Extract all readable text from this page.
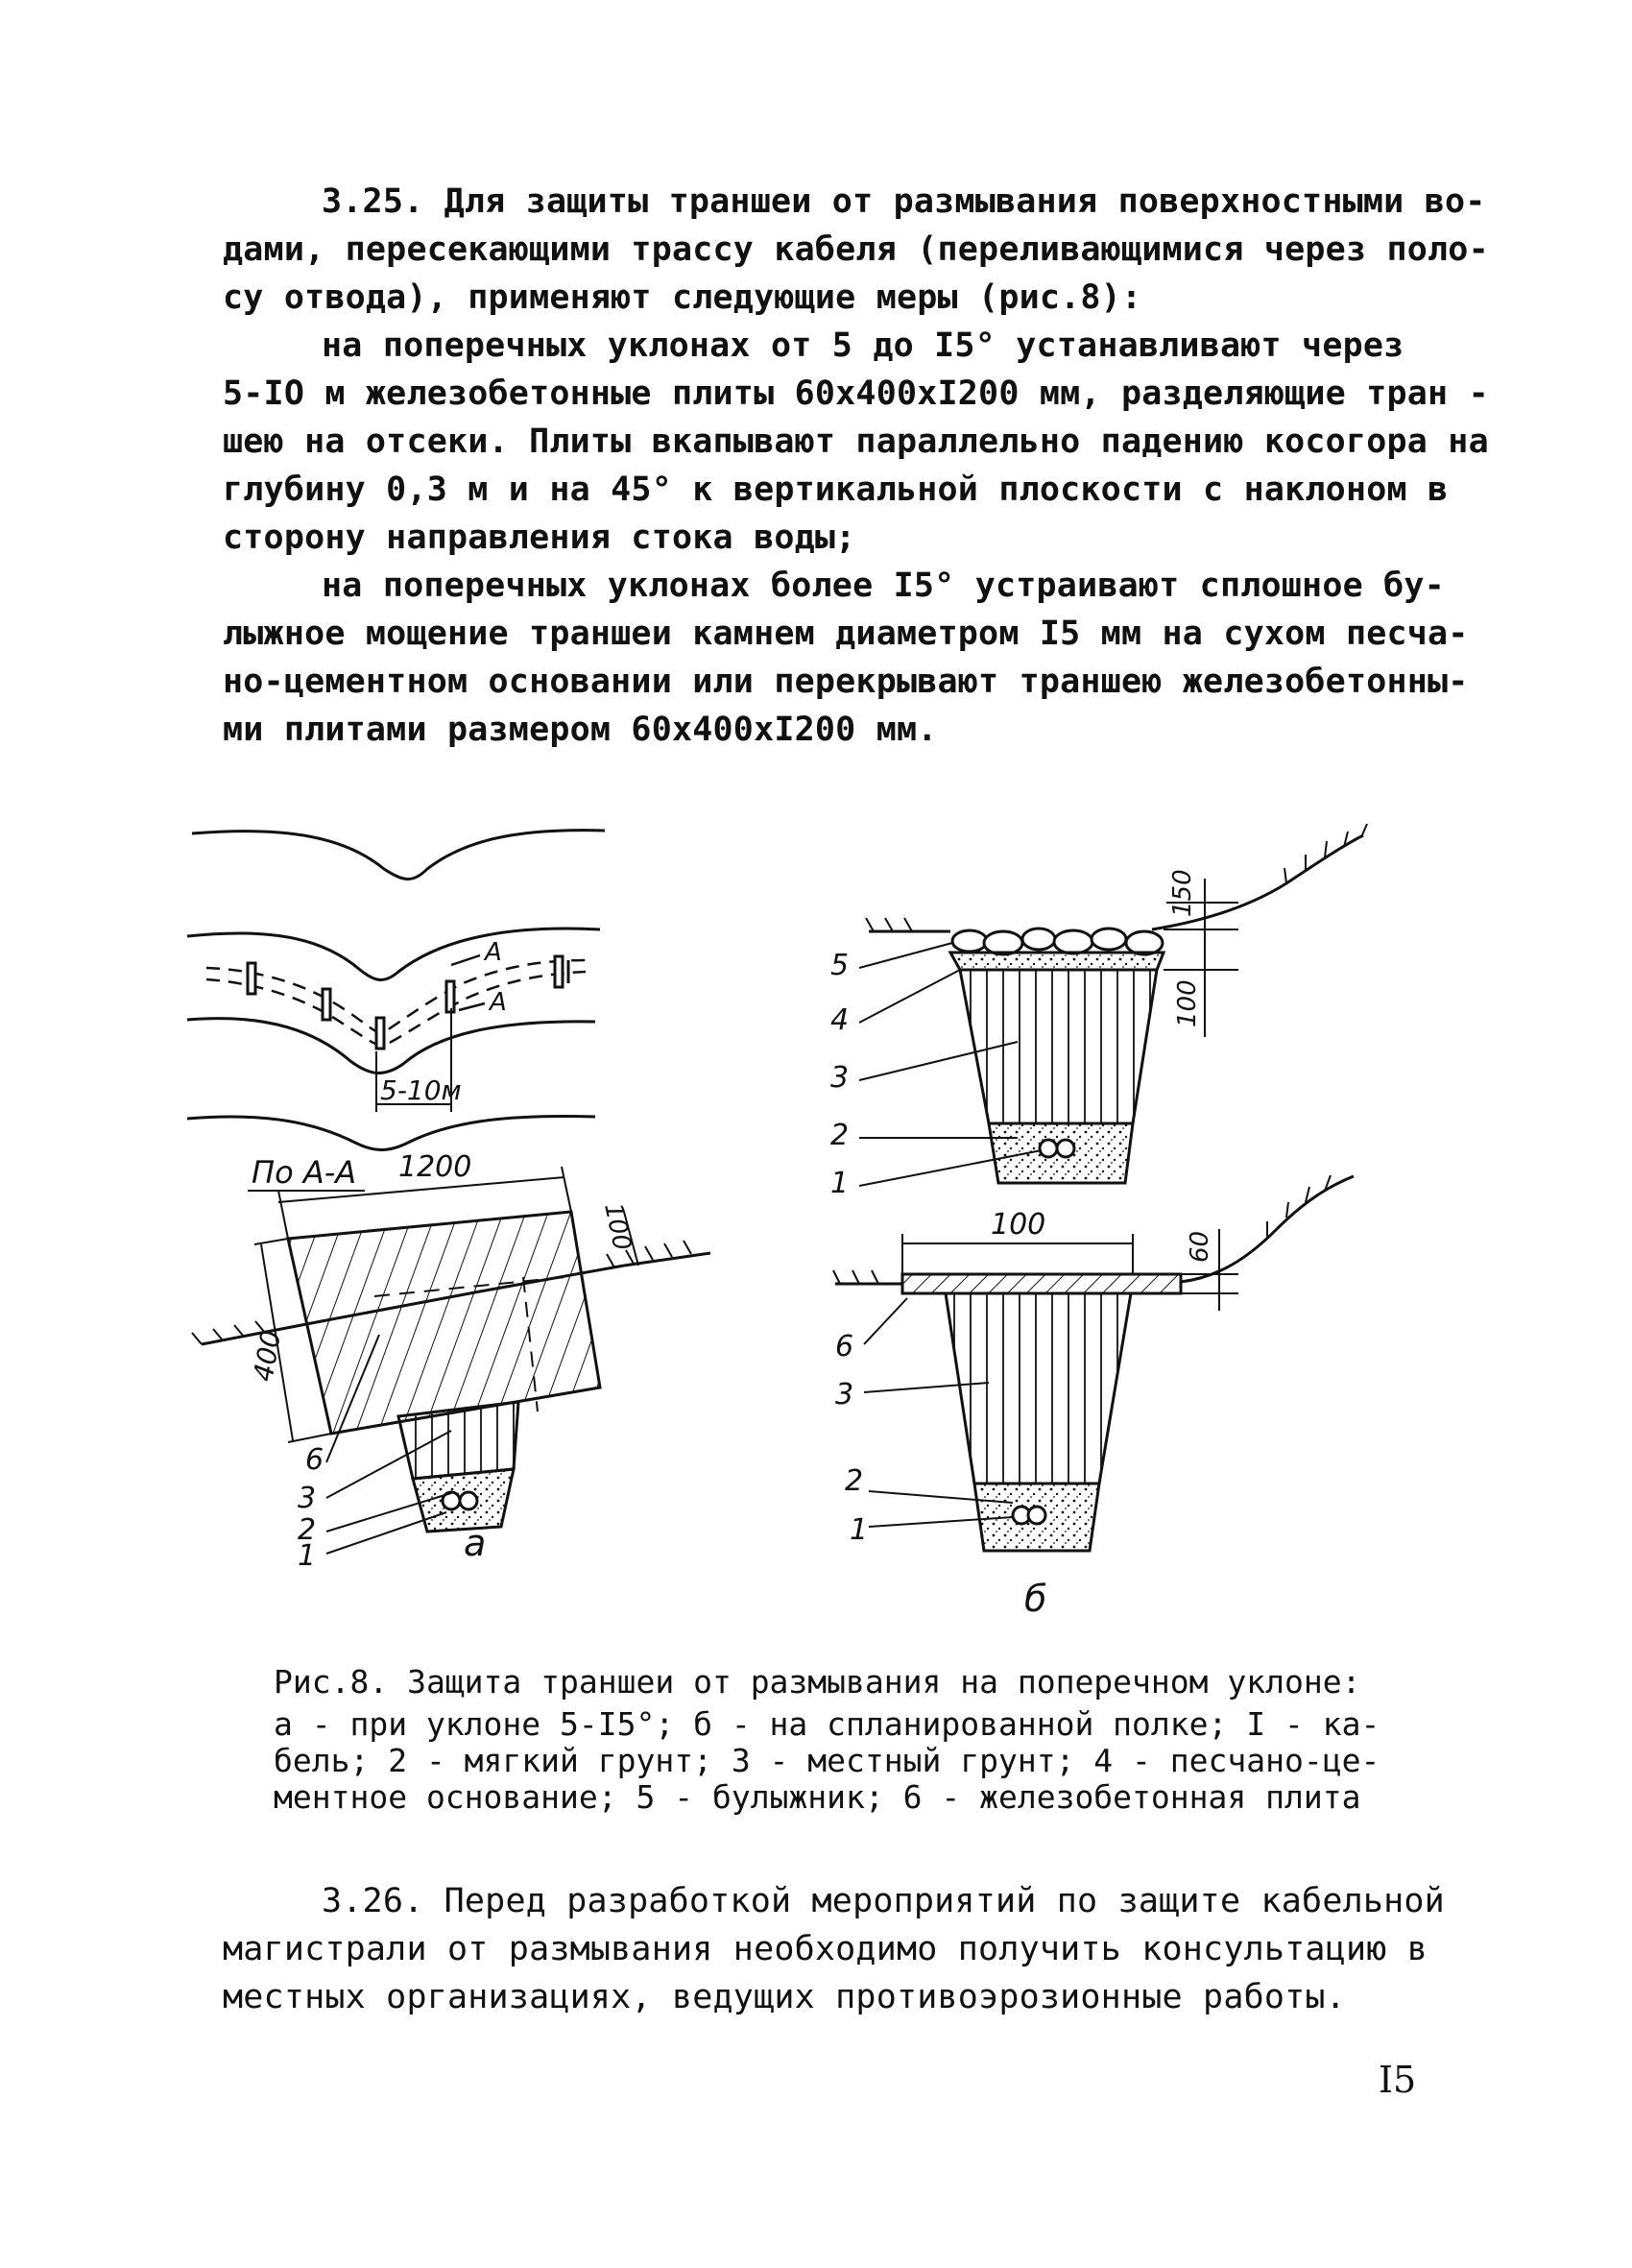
3.25. Для защиты траншеи от размывания поверхностными во-

дами, пересекающими трассу кабеля (переливающимися через поло-

су отвода), применяют следующие меры (рис.8):

на поперечных уклонах от 5 до I5° устанавливают через

5-IO м железобетонные плиты 60х400хI200 мм, разделяющие тран -

шею на отсеки. Плиты вкапывают параллельно падению косогора на

глубину 0,3 м и на 45° к вертикальной плоскости с наклоном в

сторону направления стока воды;

на поперечных уклонах более I5° устраивают сплошное бу-

лыжное мощение траншеи камнем диаметром I5 мм на сухом песча-

но-цементном основании или перекрывают траншею железобетонны-

ми плитами размером 60х400хI200 мм.

5-10м
A
A
По А-А 1200
100
400
6
3
2
1	а
150
100
5
4
3
2
1
100
60
6
3
2
1
б

Рис.8. Защита траншеи от размывания на поперечном уклоне:

а - при уклоне 5-I5°; б - на спланированной полке; I - ка-

бель; 2 - мягкий грунт; 3 - местный грунт; 4 - песчано-це-

ментное основание; 5 - булыжник; 6 - железобетонная плита

3.26. Перед разработкой мероприятий по защите кабельной

магистрали от размывания необходимо получить консультацию в

местных организациях, ведущих противоэрозионные работы.

I5
